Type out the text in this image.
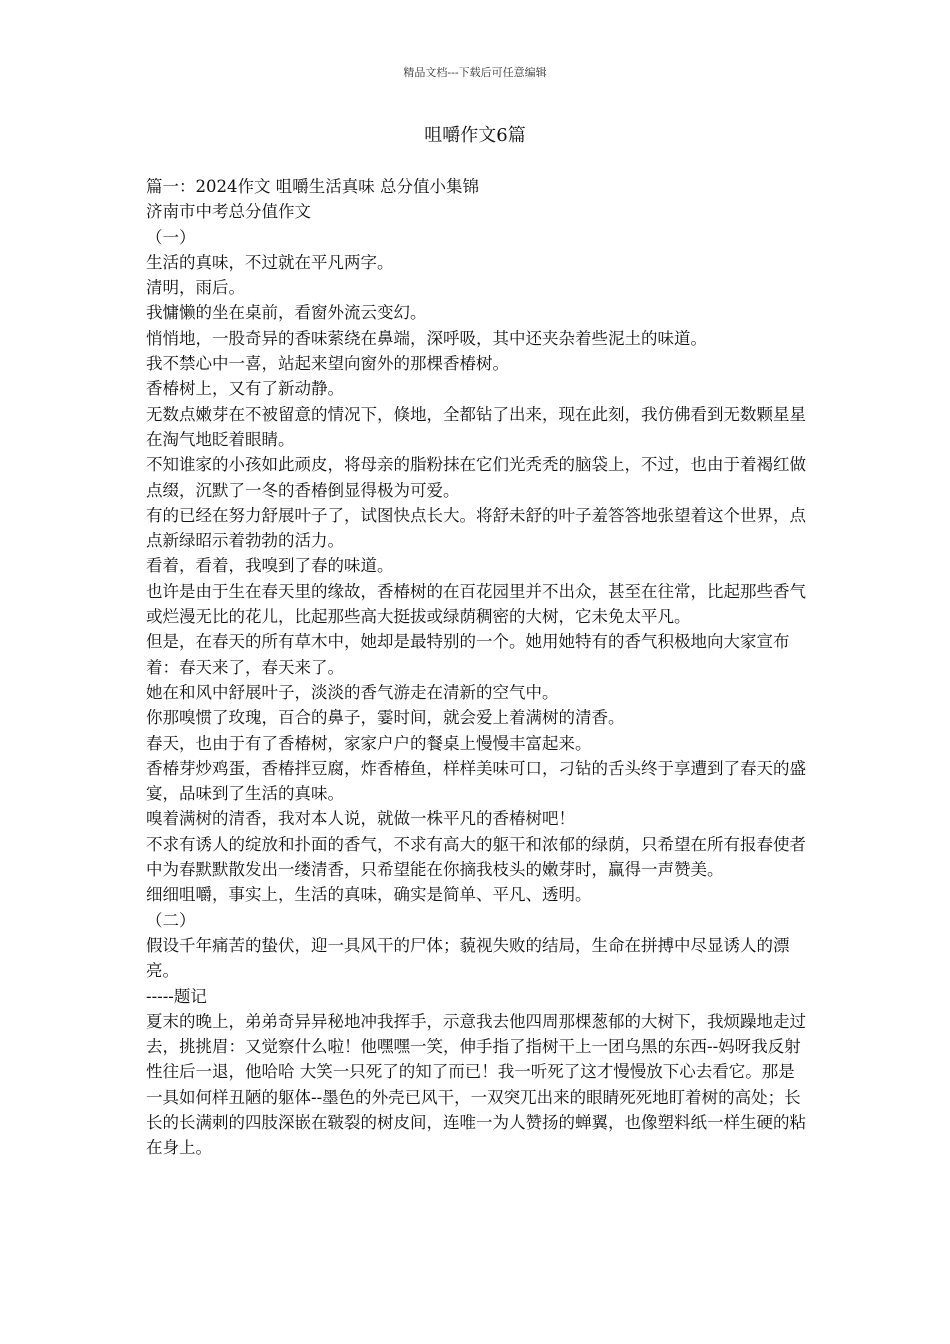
精品文档---下载后可任意编辑
咀嚼作文6篇

篇一：2024作文 咀嚼生活真味 总分值小集锦

济南市中考总分值作文

（一）

生活的真味，不过就在平凡两字。

清明，雨后。

我慵懒的坐在桌前，看窗外流云变幻。

悄悄地，一股奇异的香味萦绕在鼻端，深呼吸，其中还夹杂着些泥土的味道。

我不禁心中一喜，站起来望向窗外的那棵香椿树。

香椿树上，又有了新动静。

无数点嫩芽在不被留意的情况下，倏地，全都钻了出来，现在此刻，我仿佛看到无数颗星星在淘气地眨着眼睛。

不知谁家的小孩如此顽皮，将母亲的脂粉抹在它们光秃秃的脑袋上，不过，也由于着褐红做点缀，沉默了一冬的香椿倒显得极为可爱。

有的已经在努力舒展叶子了，试图快点长大。将舒未舒的叶子羞答答地张望着这个世界，点点新绿昭示着勃勃的活力。

看着，看着，我嗅到了春的味道。

也许是由于生在春天里的缘故，香椿树的在百花园里并不出众，甚至在往常，比起那些香气或烂漫无比的花儿，比起那些高大挺拔或绿荫稠密的大树，它未免太平凡。

但是，在春天的所有草木中，她却是最特别的一个。她用她特有的香气积极地向大家宣布着：春天来了，春天来了。

她在和风中舒展叶子，淡淡的香气游走在清新的空气中。

你那嗅惯了玫瑰，百合的鼻子，霎时间，就会爱上着满树的清香。

春天，也由于有了香椿树，家家户户的餐桌上慢慢丰富起来。

香椿芽炒鸡蛋，香椿拌豆腐，炸香椿鱼，样样美味可口，刁钻的舌头终于享遭到了春天的盛宴，品味到了生活的真味。

嗅着满树的清香，我对本人说，就做一株平凡的香椿树吧！

不求有诱人的绽放和扑面的香气，不求有高大的躯干和浓郁的绿荫，只希望在所有报春使者中为春默默散发出一缕清香，只希望能在你摘我枝头的嫩芽时，赢得一声赞美。

细细咀嚼，事实上，生活的真味，确实是简单、平凡、透明。

（二）

假设千年痛苦的蛰伏，迎一具风干的尸体；藐视失败的结局，生命在拼搏中尽显诱人的漂亮。

-----题记

夏末的晚上，弟弟奇异异秘地冲我挥手，示意我去他四周那棵葱郁的大树下，我烦躁地走过去，挑挑眉：又觉察什么啦！他嘿嘿一笑，伸手指了指树干上一团乌黑的东西--妈呀我反射性往后一退，他哈哈 大笑一只死了的知了而已！我一听死了这才慢慢放下心去看它。那是一具如何样丑陋的躯体--墨色的外壳已风干，一双突兀出来的眼睛死死地盯着树的高处；长长的长满刺的四肢深嵌在皲裂的树皮间，连唯一为人赞扬的蝉翼，也像塑料纸一样生硬的粘在身上。
